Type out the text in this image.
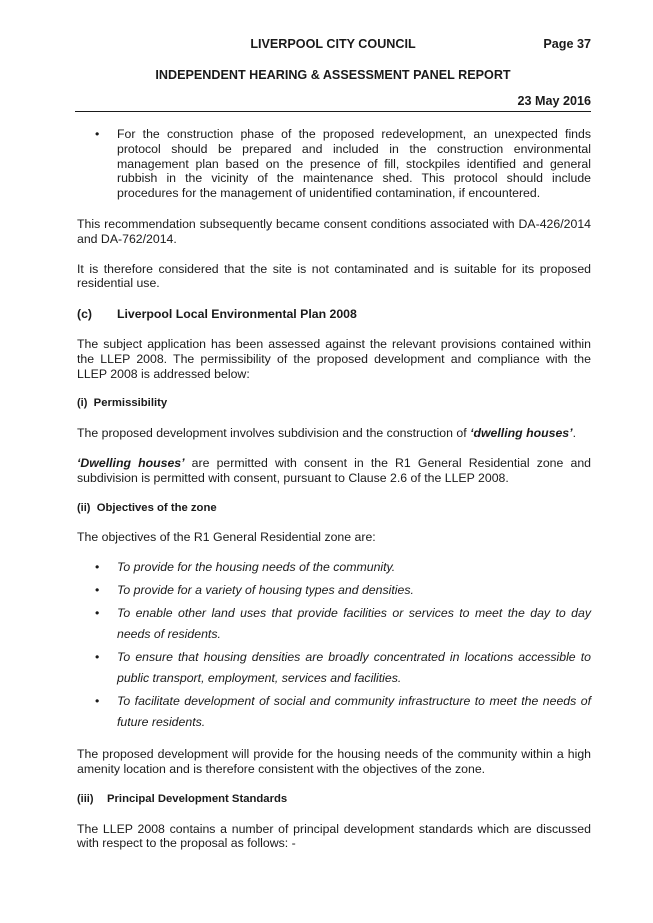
LIVERPOOL CITY COUNCIL	Page 37
INDEPENDENT HEARING & ASSESSMENT PANEL REPORT
23 May 2016
• For the construction phase of the proposed redevelopment, an unexpected finds protocol should be prepared and included in the construction environmental management plan based on the presence of fill, stockpiles identified and general rubbish in the vicinity of the maintenance shed. This protocol should include procedures for the management of unidentified contamination, if encountered.

This recommendation subsequently became consent conditions associated with DA-426/2014 and DA-762/2014.

It is therefore considered that the site is not contaminated and is suitable for its proposed residential use.

(c) Liverpool Local Environmental Plan 2008

The subject application has been assessed against the relevant provisions contained within the LLEP 2008. The permissibility of the proposed development and compliance with the LLEP 2008 is addressed below:

(i) Permissibility

The proposed development involves subdivision and the construction of ‘dwelling houses’.

‘Dwelling houses’ are permitted with consent in the R1 General Residential zone and subdivision is permitted with consent, pursuant to Clause 2.6 of the LLEP 2008.

(ii) Objectives of the zone

The objectives of the R1 General Residential zone are:

• To provide for the housing needs of the community.
• To provide for a variety of housing types and densities.
• To enable other land uses that provide facilities or services to meet the day to day needs of residents.
• To ensure that housing densities are broadly concentrated in locations accessible to public transport, employment, services and facilities.
• To facilitate development of social and community infrastructure to meet the needs of future residents.

The proposed development will provide for the housing needs of the community within a high amenity location and is therefore consistent with the objectives of the zone.

(iii) Principal Development Standards

The LLEP 2008 contains a number of principal development standards which are discussed with respect to the proposal as follows: -
